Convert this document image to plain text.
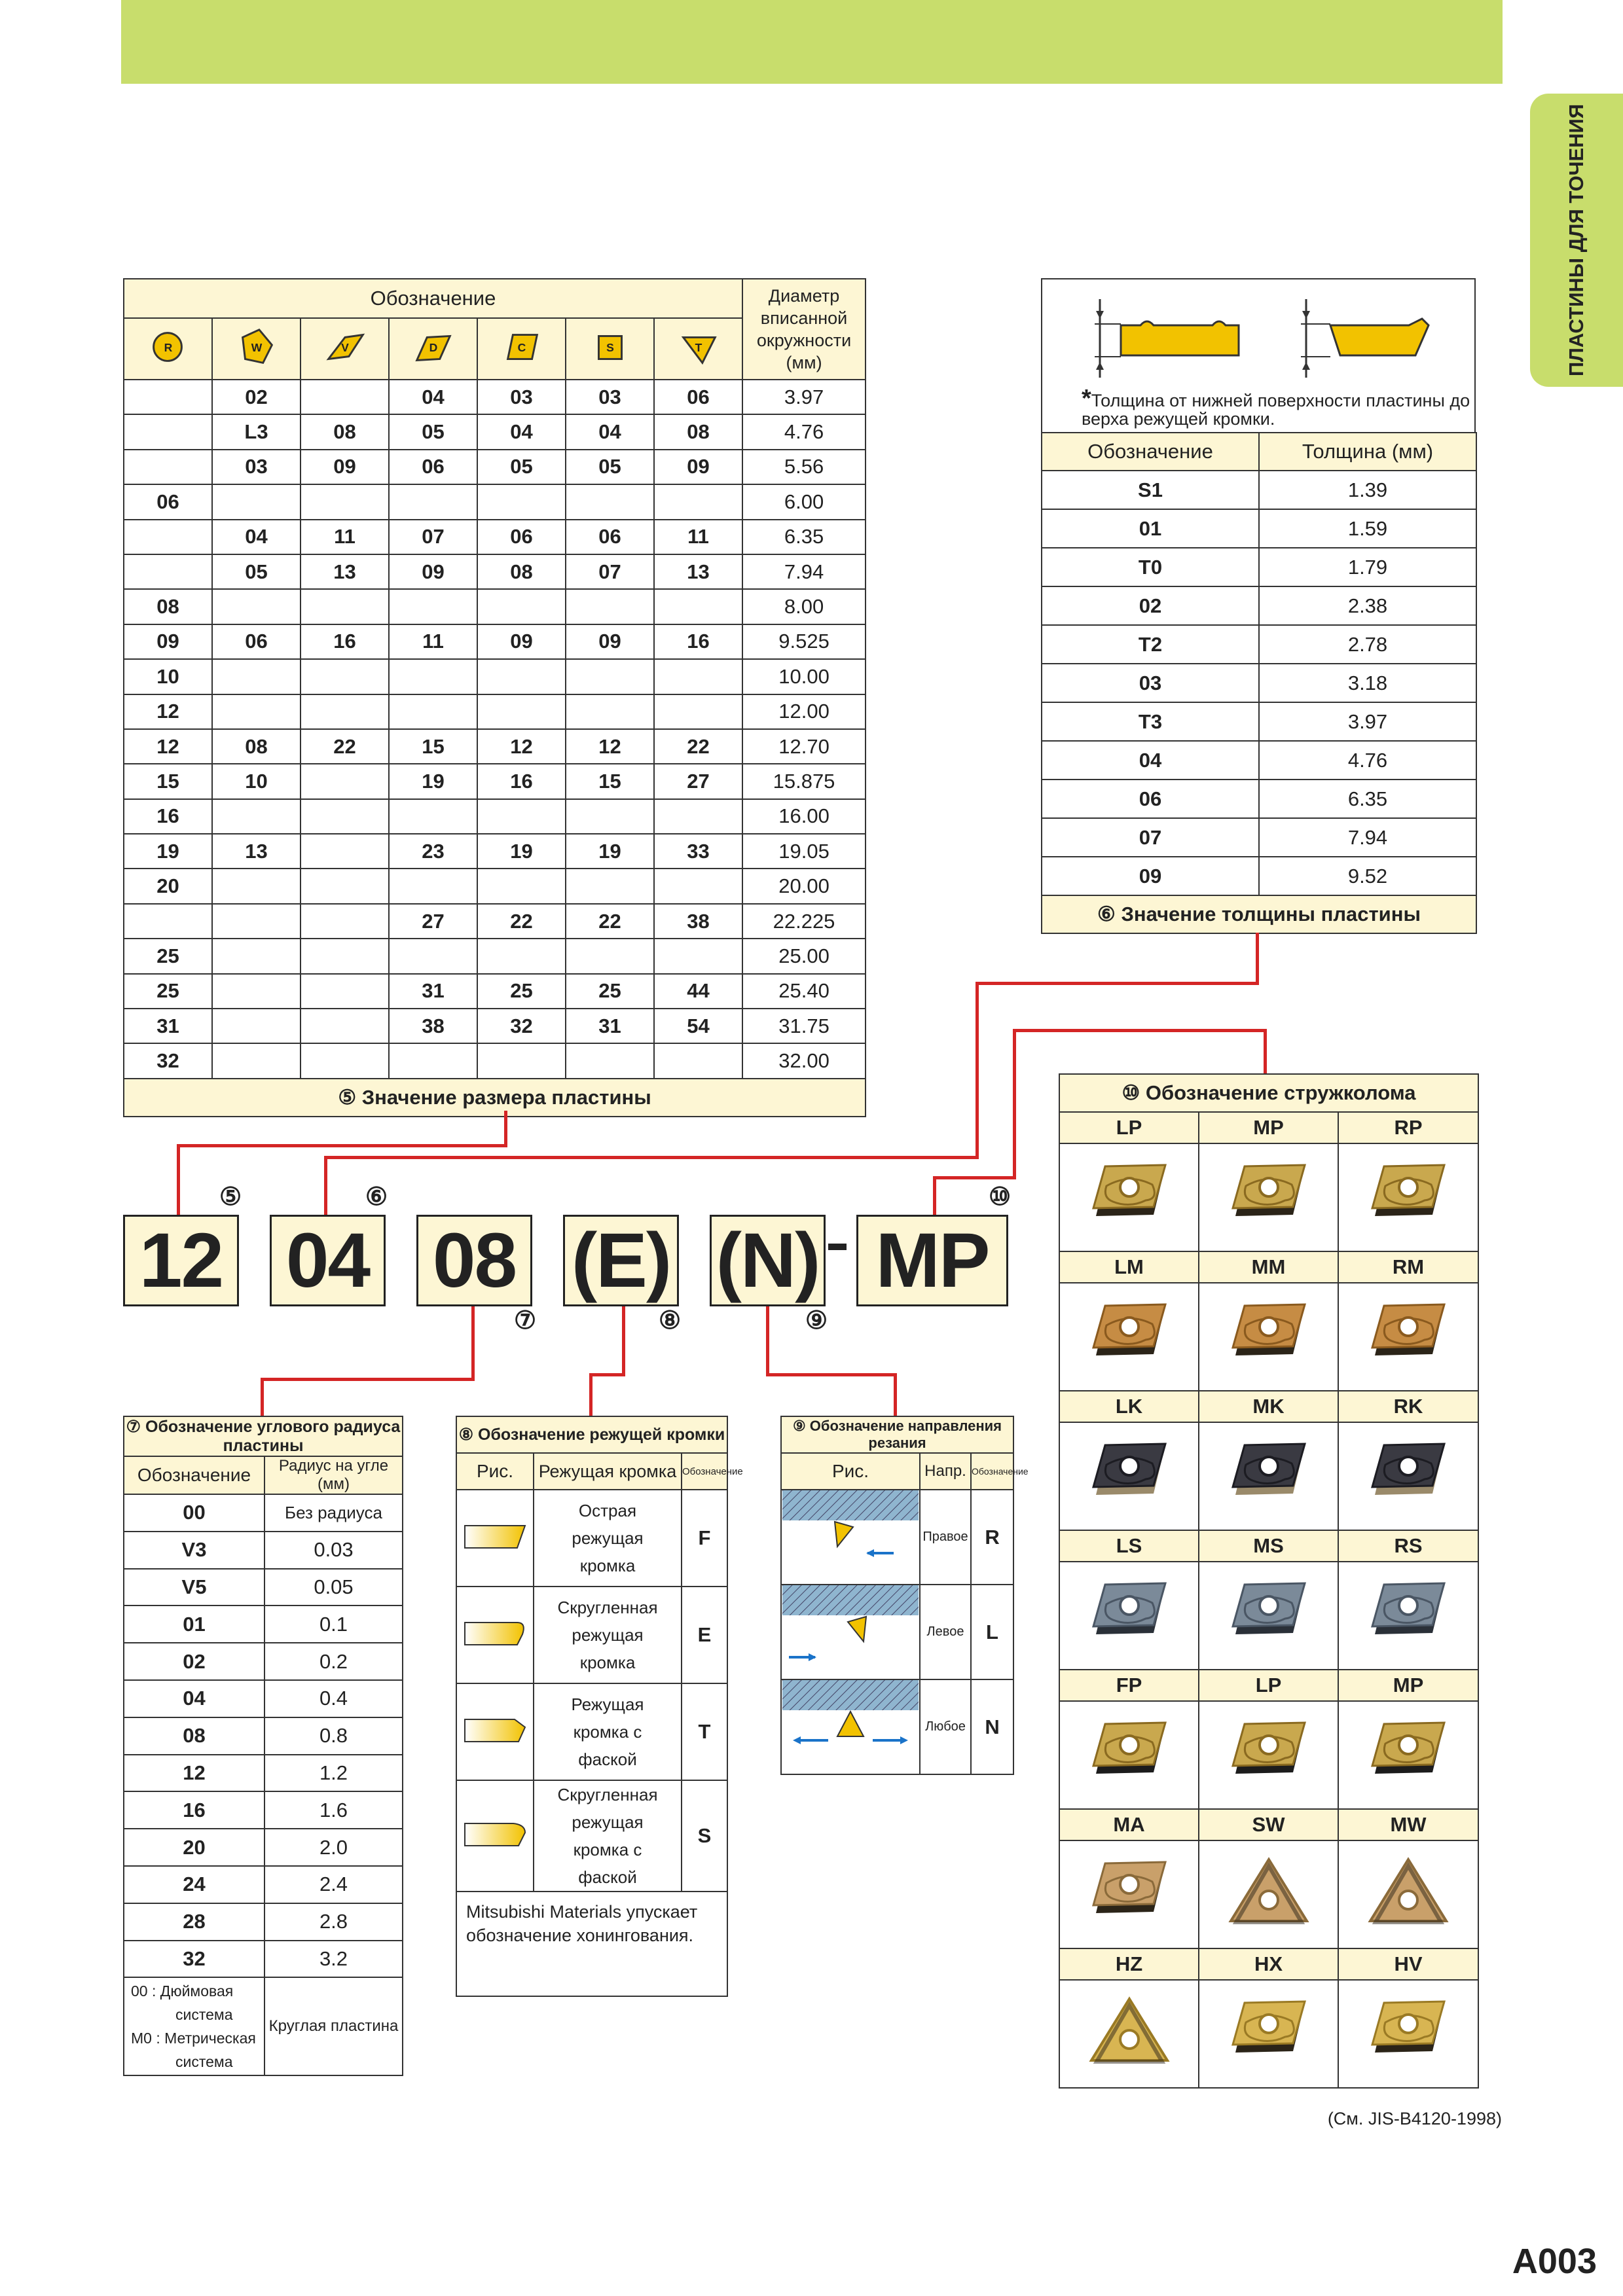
ПЛАСТИНЫ ДЛЯ ТОЧЕНИЯ
Обозначение							Диаметр вписанной окружности (мм)

R	W	V	D	C	S	T	

	02		04	03	03	06	3.97
	L3	08	05	04	04	08	4.76
	03	09	06	05	05	09	5.56
06							6.00
	04	11	07	06	06	11	6.35
	05	13	09	08	07	13	7.94
08							8.00
09	06	16	11	09	09	16	9.525
10							10.00
12							12.00
12	08	22	15	12	12	22	12.70
15	10		19	16	15	27	15.875
16							16.00
19	13		23	19	19	33	19.05
20							20.00
			27	22	22	38	22.225
25							25.00
25			31	25	25	44	25.40
31			38	32	31	54	31.75
32							32.00
⑤ Значение размера пластины							
*Толщина от нижней поверхности пластины до верха режущей кромки.
Обозначение	Толщина (мм)
S1	1.39
01	1.59
T0	1.79
02	2.38
T2	2.78
03	3.18
T3	3.97
04	4.76
06	6.35
07	7.94
09	9.52
⑥ Значение толщины пластины	
12 04 08 (E) (N) MP
⑤	⑥
⑦	⑧	⑨
⑩
⑦ Обозначение углового радиуса пластины	
Обозначение	Радиус на угле (мм)
00	Без радиуса
V3	0.03
V5	0.05
01	0.1
02	0.2
04	0.4
08	0.8
12	1.2
16	1.6
20	2.0
24	2.4
28	2.8
32	3.2

00 : Дюймовая
система
M0 : Метрическая
система	Круглая пластина
⑧ Обозначение режущей кромки		
Рис.	Режущая кромка	Обозначение
	Острая режущая кромка	F
	Скругленная режущая кромка	E
	Режущая кромка с фаской	T
	Скругленная режущая кромка с фаской	S
Mitsubishi Materials упускает обозначение хонингования.		
⑨ Обозначение направления резания		
Рис.	Напр.	Обозначение
	Правое	R
	Левое	L
	Любое	N
⑩ Обозначение стружколома		
LP	MP	RP

LM	MM	RM

LK	MK	RK

LS	MS	RS

FP	LP	MP

MA	SW	MW

HZ	HX	HV

(См. JIS-B4120-1998)
A003
